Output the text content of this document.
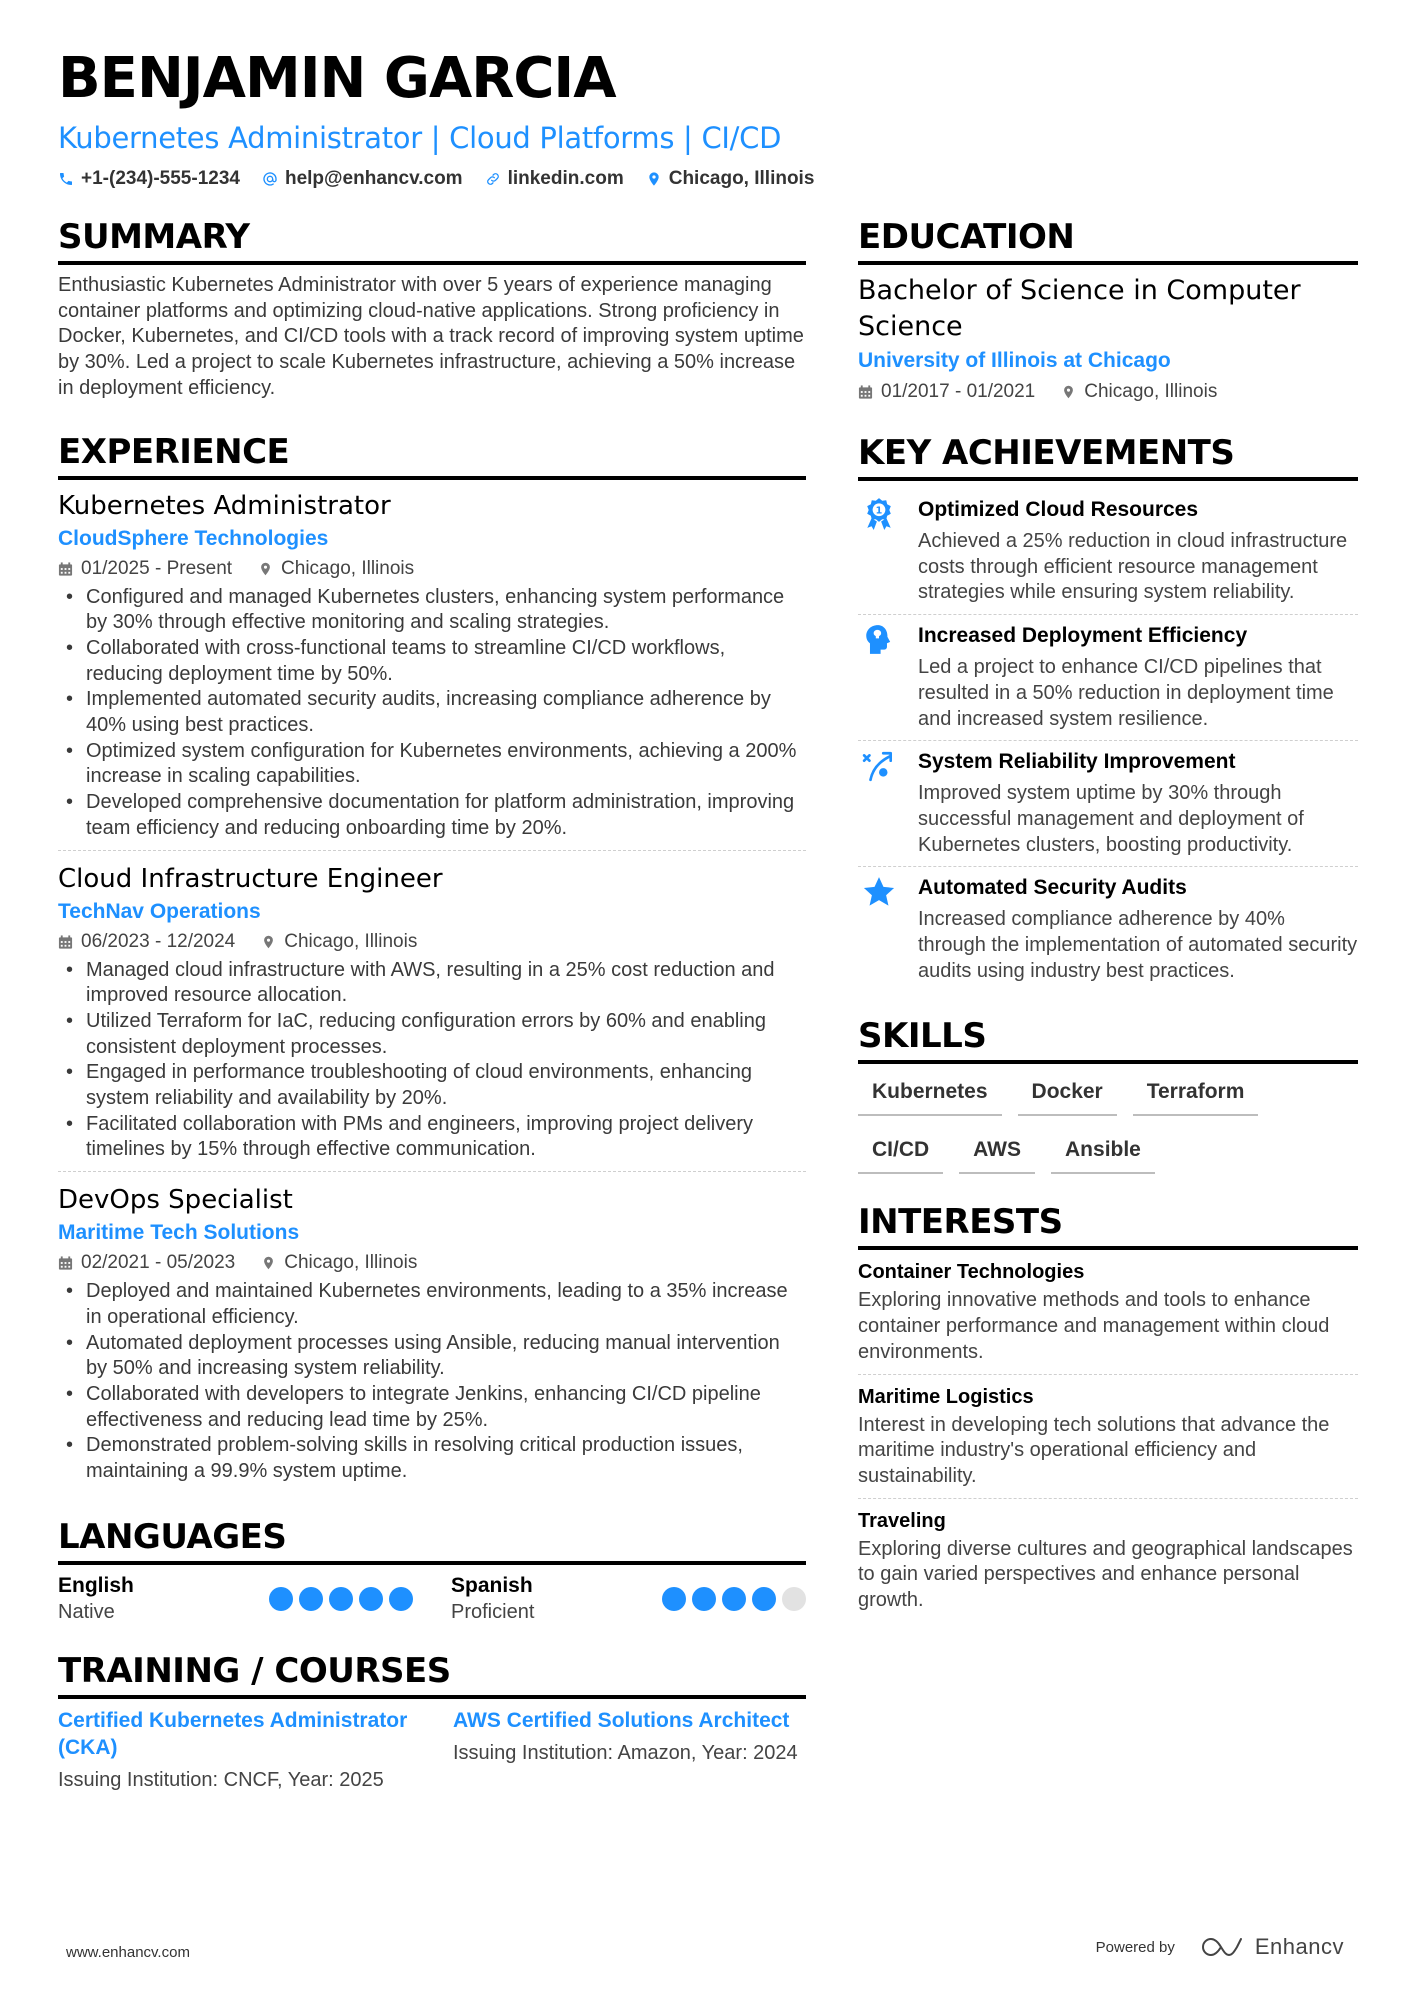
BENJAMIN GARCIA
Kubernetes Administrator | Cloud Platforms | CI/CD
+1-(234)-555-1234 help@enhancv.com linkedin.com Chicago, Illinois
SUMMARY
Enthusiastic Kubernetes Administrator with over 5 years of experience managing container platforms and optimizing cloud-native applications. Strong proficiency in Docker, Kubernetes, and CI/CD tools with a track record of improving system uptime by 30%. Led a project to scale Kubernetes infrastructure, achieving a 50% increase in deployment efficiency.
EXPERIENCE
Kubernetes Administrator
CloudSphere Technologies
01/2025 - Present	Chicago, Illinois
• Configured and managed Kubernetes clusters, enhancing system performance by 30% through effective monitoring and scaling strategies.
• Collaborated with cross-functional teams to streamline CI/CD workflows, reducing deployment time by 50%.
• Implemented automated security audits, increasing compliance adherence by 40% using best practices.
• Optimized system configuration for Kubernetes environments, achieving a 200% increase in scaling capabilities.
• Developed comprehensive documentation for platform administration, improving team efficiency and reducing onboarding time by 20%.
Cloud Infrastructure Engineer
TechNav Operations
06/2023 - 12/2024	Chicago, Illinois
• Managed cloud infrastructure with AWS, resulting in a 25% cost reduction and improved resource allocation.
• Utilized Terraform for IaC, reducing configuration errors by 60% and enabling consistent deployment processes.
• Engaged in performance troubleshooting of cloud environments, enhancing system reliability and availability by 20%.
• Facilitated collaboration with PMs and engineers, improving project delivery timelines by 15% through effective communication.
DevOps Specialist
Maritime Tech Solutions
02/2021 - 05/2023	Chicago, Illinois
• Deployed and maintained Kubernetes environments, leading to a 35% increase in operational efficiency.
• Automated deployment processes using Ansible, reducing manual intervention by 50% and increasing system reliability.
• Collaborated with developers to integrate Jenkins, enhancing CI/CD pipeline effectiveness and reducing lead time by 25%.
• Demonstrated problem-solving skills in resolving critical production issues, maintaining a 99.9% system uptime.
LANGUAGES
English
Native
Spanish
Proficient
TRAINING / COURSES
Certified Kubernetes Administrator (CKA)
Issuing Institution: CNCF, Year: 2025
AWS Certified Solutions Architect
Issuing Institution: Amazon, Year: 2024
EDUCATION
Bachelor of Science in Computer Science
University of Illinois at Chicago
01/2017 - 01/2021	Chicago, Illinois
KEY ACHIEVEMENTS
1 Optimized Cloud Resources
Achieved a 25% reduction in cloud infrastructure costs through efficient resource management strategies while ensuring system reliability.
Increased Deployment Efficiency
Led a project to enhance CI/CD pipelines that resulted in a 50% reduction in deployment time and increased system resilience.
System Reliability Improvement
Improved system uptime by 30% through successful management and deployment of Kubernetes clusters, boosting productivity.
Automated Security Audits
Increased compliance adherence by 40% through the implementation of automated security audits using industry best practices.
SKILLS
Kubernetes	Docker	Terraform
CI/CD	AWS	Ansible
INTERESTS
Container Technologies
Exploring innovative methods and tools to enhance container performance and management within cloud environments.
Maritime Logistics
Interest in developing tech solutions that advance the maritime industry's operational efficiency and sustainability.
Traveling
Exploring diverse cultures and geographical landscapes to gain varied perspectives and enhance personal growth.
www.enhancv.com	Powered by	Enhancv
